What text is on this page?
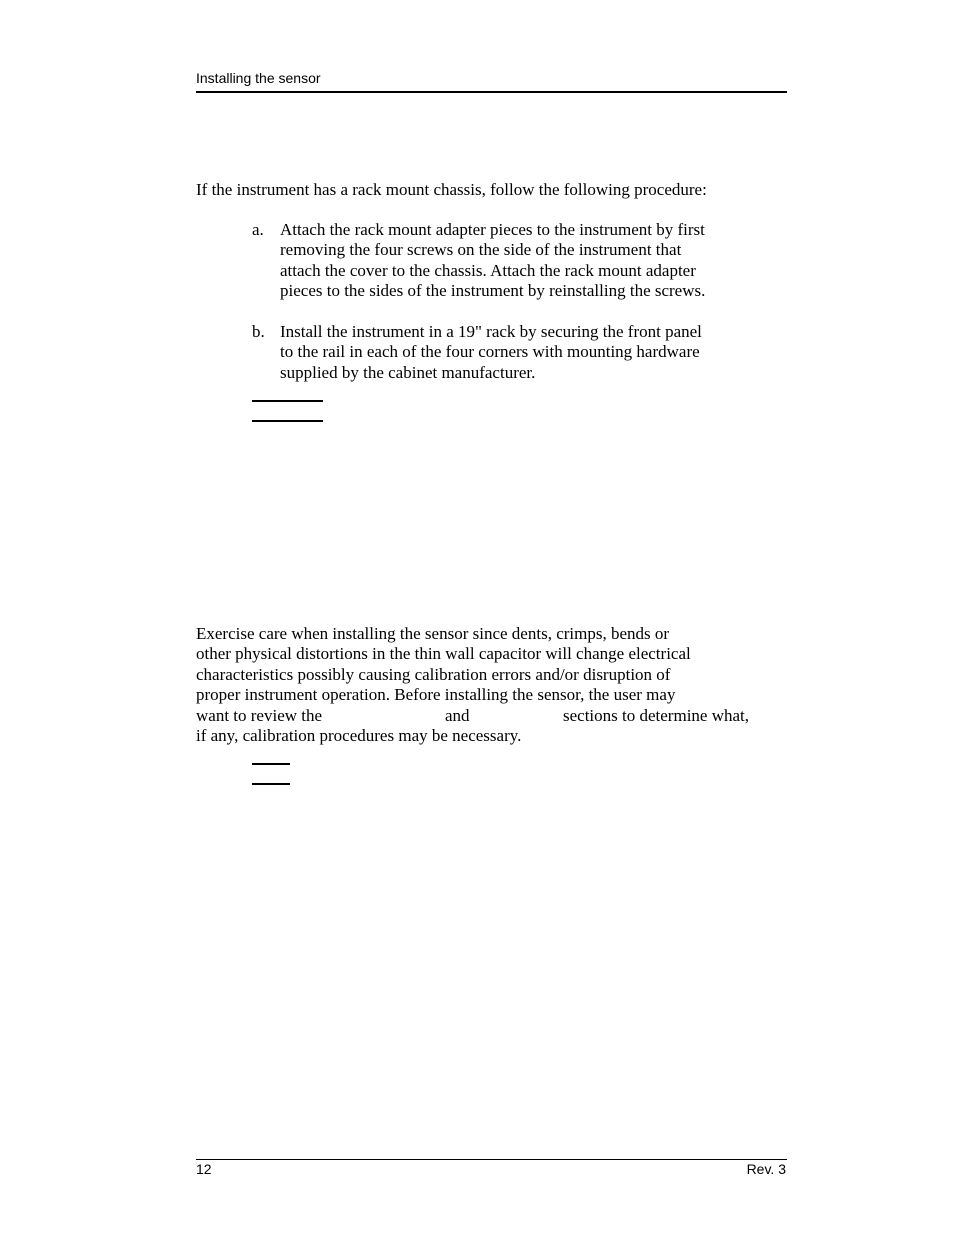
Installing the sensor
If the instrument has a rack mount chassis, follow the following procedure:
a. Attach the rack mount adapter pieces to the instrument by first
removing the four screws on the side of the instrument that
attach the cover to the chassis. Attach the rack mount adapter
pieces to the sides of the instrument by reinstalling the screws.
b. Install the instrument in a 19" rack by securing the front panel
to the rail in each of the four corners with mounting hardware
supplied by the cabinet manufacturer.
Exercise care when installing the sensor since dents, crimps, bends or
other physical distortions in the thin wall capacitor will change electrical
characteristics possibly causing calibration errors and/or disruption of
proper instrument operation. Before installing the sensor, the user may
want to review the	and	sections to determine what,
if any, calibration procedures may be necessary.
12	Rev. 3
